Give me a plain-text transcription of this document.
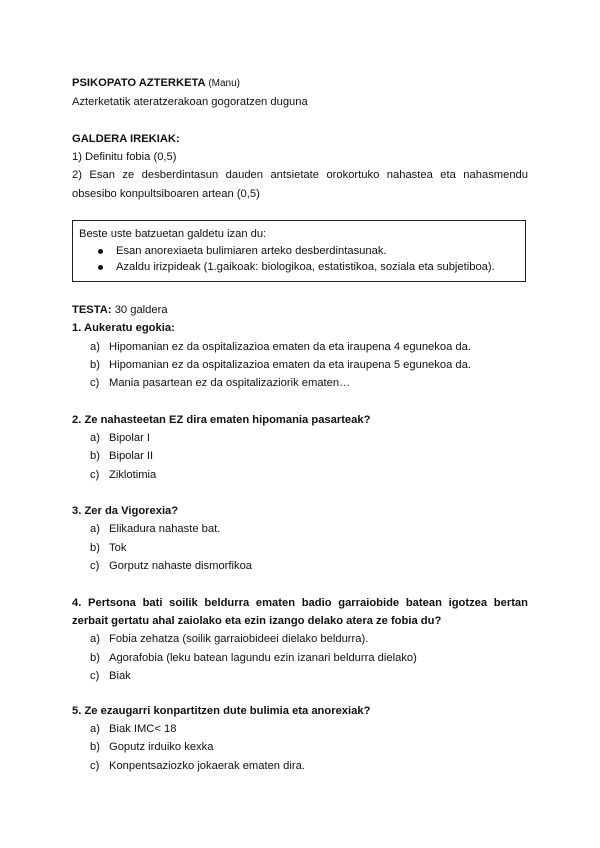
PSIKOPATO AZTERKETA (Manu)
Azterketatik ateratzerakoan gogoratzen duguna
GALDERA IREKIAK:
1) Definitu fobia (0,5)
2) Esan ze desberdintasun dauden antsietate orokortuko nahastea eta nahasmendu
obsesibo konpultsiboaren artean (0,5)
Beste uste batzuetan galdetu izan du:
Esan anorexiaeta bulimiaren arteko desberdintasunak.
Azaldu irizpideak (1.gaikoak: biologikoa, estatistikoa, soziala eta subjetiboa).
TESTA: 30 galdera
1. Aukeratu egokia:
a) Hipomanian ez da ospitalizazioa ematen da eta iraupena 4 egunekoa da.
b) Hipomanian ez da ospitalizazioa ematen da eta iraupena 5 egunekoa da.
c) Mania pasartean ez da ospitalizaziorik ematen…
2. Ze nahasteetan EZ dira ematen hipomania pasarteak?
a) Bipolar I
b) Bipolar II
c) Ziklotimia
3. Zer da Vigorexia?
a) Elikadura nahaste bat.
b) Tok
c) Gorputz nahaste dismorfikoa
4. Pertsona bati soilik beldurra ematen badio garraiobide batean igotzea bertan
zerbait gertatu ahal zaiolako eta ezin izango delako atera ze fobia du?
a) Fobia zehatza (soilik garraiobideei dielako beldurra).
b) Agorafobia (leku batean lagundu ezin izanari beldurra dielako)
c) Biak
5. Ze ezaugarri konpartitzen dute bulimia eta anorexiak?
a) Biak IMC< 18
b) Goputz irduiko kexka
c) Konpentsaziozko jokaerak ematen dira.
